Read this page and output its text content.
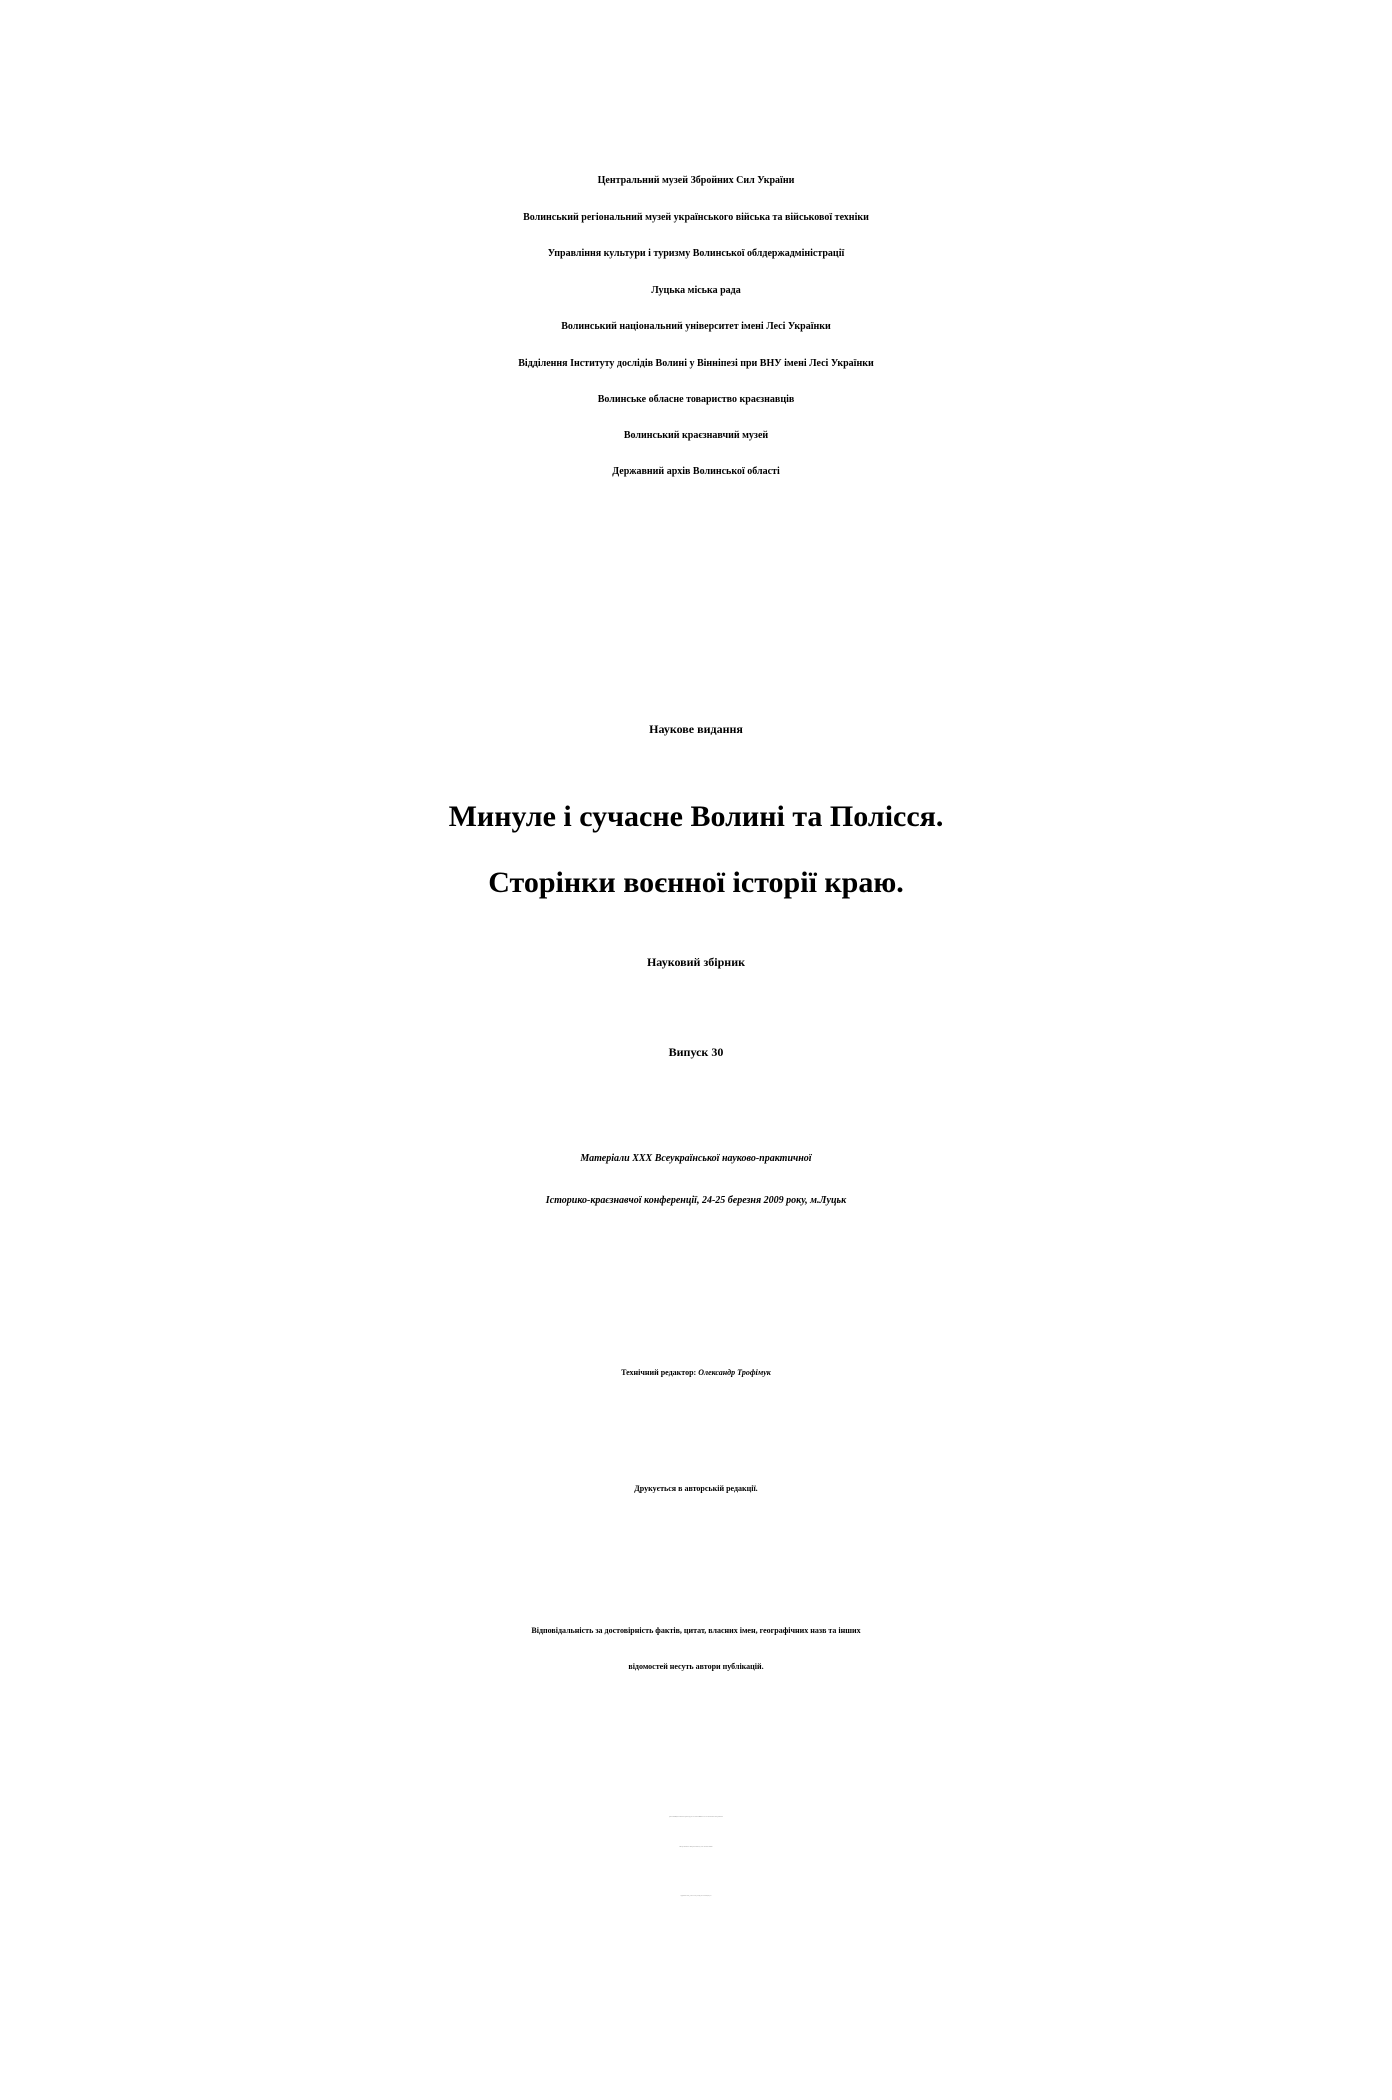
Центральний музей Збройних Сил України
Волинський регіональний музей українського війська та військової техніки
Управління культури і туризму Волинської облдержадміністрації
Луцька міська рада
Волинський національний університет імені Лесі Українки
Відділення Інституту дослідів Волині у Вінніпезі при ВНУ імені Лесі Українки
Волинське обласне товариство краєзнавців
Волинський краєзнавчий музей
Державний архів Волинської області
Наукове видання
Минуле і сучасне Волині та Полісся.
Сторінки воєнної історії краю.
Науковий збірник
Випуск 30
Матеріали XXX Всеукраїнської науково-практичної
Історико-краєзнавчої конференції, 24-25 березня 2009 року, м.Луцьк
Технічний редактор: Олександр Трофімук
Друкується в авторській редакції.
Відповідальність за достовірність фактів, цитат, власних імен, географічних назв та інших
відомостей несуть автори публікацій.
Здано на виробництво 27.02.2009 р.Підписано до друку 16.03.2009 р. Формат 60 х 68 1/8. Гарнітура Times. Папір друкарський.
Обл.-вид. аркушів 80.9. Накладом 300 прим. Вид. №369. Ціна вільна. Замовне.
Віддруковано на МП „Пульс". 43000, м.Луцьк, вул.Б.Хмельницького,3/9.
